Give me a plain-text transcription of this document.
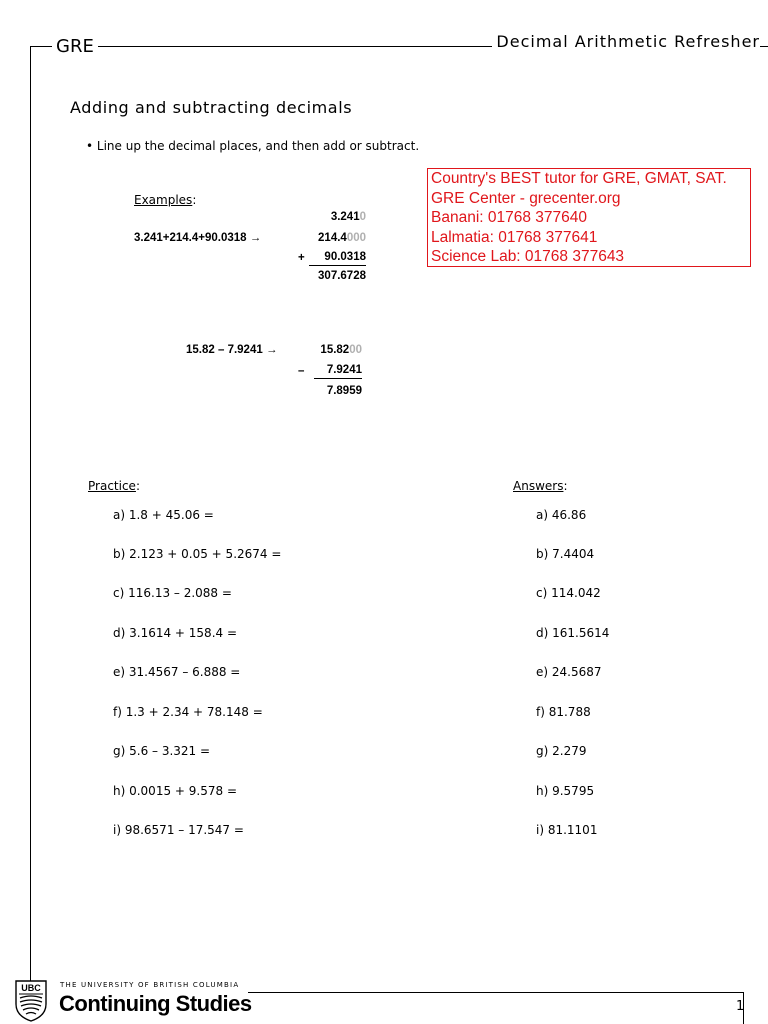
GRE	Decimal Arithmetic Refresher
Adding and subtracting decimals
• Line up the decimal places, and then add or subtract.
Country's BEST tutor for GRE, GMAT, SAT.
GRE Center - grecenter.org
Banani: 01768 377640
Lalmatia: 01768 377641
Science Lab: 01768 377643
Examples:
3.241+214.4+90.0318 →
3.2410
214.4000
+	90.0318
307.6728
15.82 – 7.9241 →	15.8200
–	7.9241
7.8959
Practice:	Answers:
a) 1.8 + 45.06 =
b) 2.123 + 0.05 + 5.2674 =
c) 116.13 – 2.088 =
d) 3.1614 + 158.4 =
e) 31.4567 – 6.888 =
f) 1.3 + 2.34 + 78.148 =
g) 5.6 – 3.321 =
h) 0.0015 + 9.578 =
i) 98.6571 – 17.547 =
a) 46.86
b) 7.4404
c) 114.042
d) 161.5614
e) 24.5687
f) 81.788
g) 2.279
h) 9.5795
i) 81.1101
UBC	THE UNIVERSITY OF BRITISH COLUMBIA
Continuing Studies	1
